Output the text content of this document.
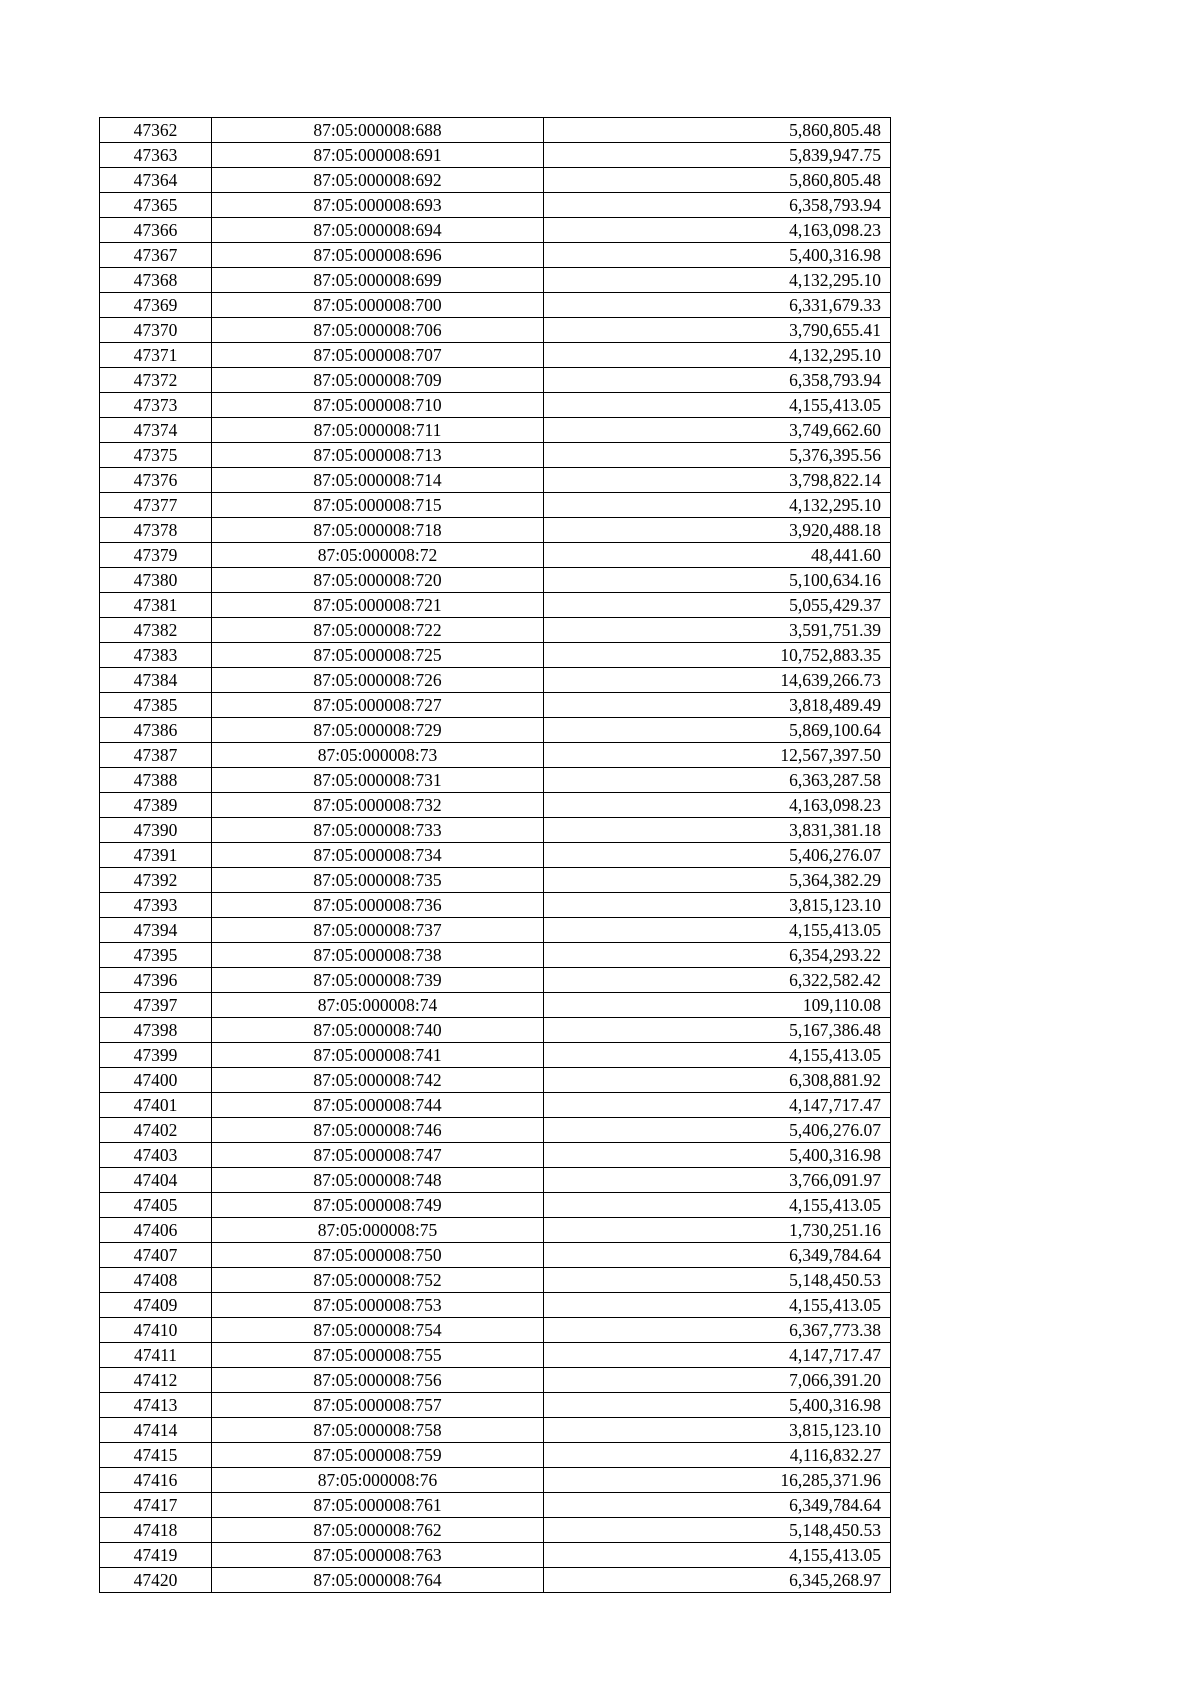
47362	87:05:000008:688	5,860,805.48
47363	87:05:000008:691	5,839,947.75
47364	87:05:000008:692	5,860,805.48
47365	87:05:000008:693	6,358,793.94
47366	87:05:000008:694	4,163,098.23
47367	87:05:000008:696	5,400,316.98
47368	87:05:000008:699	4,132,295.10
47369	87:05:000008:700	6,331,679.33
47370	87:05:000008:706	3,790,655.41
47371	87:05:000008:707	4,132,295.10
47372	87:05:000008:709	6,358,793.94
47373	87:05:000008:710	4,155,413.05
47374	87:05:000008:711	3,749,662.60
47375	87:05:000008:713	5,376,395.56
47376	87:05:000008:714	3,798,822.14
47377	87:05:000008:715	4,132,295.10
47378	87:05:000008:718	3,920,488.18
47379	87:05:000008:72	48,441.60
47380	87:05:000008:720	5,100,634.16
47381	87:05:000008:721	5,055,429.37
47382	87:05:000008:722	3,591,751.39
47383	87:05:000008:725	10,752,883.35
47384	87:05:000008:726	14,639,266.73
47385	87:05:000008:727	3,818,489.49
47386	87:05:000008:729	5,869,100.64
47387	87:05:000008:73	12,567,397.50
47388	87:05:000008:731	6,363,287.58
47389	87:05:000008:732	4,163,098.23
47390	87:05:000008:733	3,831,381.18
47391	87:05:000008:734	5,406,276.07
47392	87:05:000008:735	5,364,382.29
47393	87:05:000008:736	3,815,123.10
47394	87:05:000008:737	4,155,413.05
47395	87:05:000008:738	6,354,293.22
47396	87:05:000008:739	6,322,582.42
47397	87:05:000008:74	109,110.08
47398	87:05:000008:740	5,167,386.48
47399	87:05:000008:741	4,155,413.05
47400	87:05:000008:742	6,308,881.92
47401	87:05:000008:744	4,147,717.47
47402	87:05:000008:746	5,406,276.07
47403	87:05:000008:747	5,400,316.98
47404	87:05:000008:748	3,766,091.97
47405	87:05:000008:749	4,155,413.05
47406	87:05:000008:75	1,730,251.16
47407	87:05:000008:750	6,349,784.64
47408	87:05:000008:752	5,148,450.53
47409	87:05:000008:753	4,155,413.05
47410	87:05:000008:754	6,367,773.38
47411	87:05:000008:755	4,147,717.47
47412	87:05:000008:756	7,066,391.20
47413	87:05:000008:757	5,400,316.98
47414	87:05:000008:758	3,815,123.10
47415	87:05:000008:759	4,116,832.27
47416	87:05:000008:76	16,285,371.96
47417	87:05:000008:761	6,349,784.64
47418	87:05:000008:762	5,148,450.53
47419	87:05:000008:763	4,155,413.05
47420	87:05:000008:764	6,345,268.97
